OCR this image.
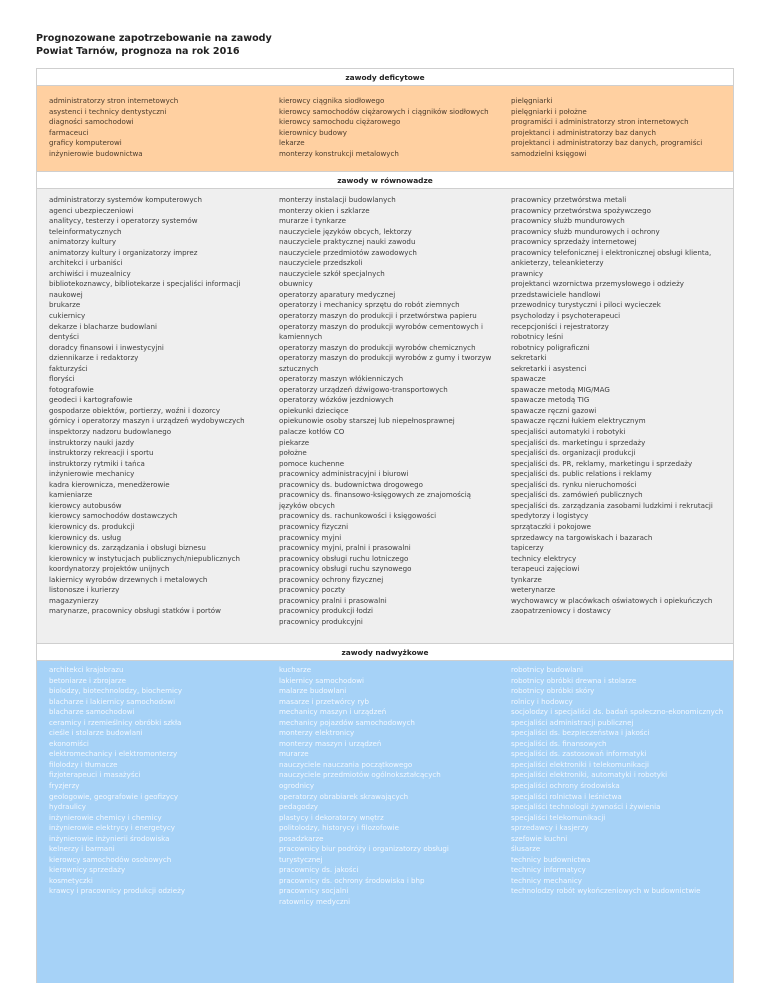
Prognozowane zapotrzebowanie na zawody
Powiat Tarnów, prognoza na rok 2016
zawody deficytowe
administratorzy stron internetowych
asystenci i technicy dentystyczni
diagności samochodowi
farmaceuci
graficy komputerowi
inżynierowie budownictwa
kierowcy ciągnika siodłowego
kierowcy samochodów ciężarowych i ciągników siodłowych
kierowcy samochodu ciężarowego
kierownicy budowy
lekarze
monterzy konstrukcji metalowych
pielęgniarki
pielęgniarki i położne
programiści i administratorzy stron internetowych
projektanci i administratorzy baz danych
projektanci i administratorzy baz danych, programiści
samodzielni księgowi
zawody w równowadze
administratorzy systemów komputerowych
agenci ubezpieczeniowi
analitycy, testerzy i operatorzy systemów teleinformatycznych
animatorzy kultury
animatorzy kultury i organizatorzy imprez
architekci i urbaniści
archiwiści i muzealnicy
bibliotekoznawcy, bibliotekarze i specjaliści informacji naukowej
brukarze
cukiernicy
dekarze i blacharze budowlani
dentyści
doradcy finansowi i inwestycyjni
dziennikarze i redaktorzy
fakturzyści
floryści
fotografowie
geodeci i kartografowie
gospodarze obiektów, portierzy, woźni i dozorcy
górnicy i operatorzy maszyn i urządzeń wydobywczych
inspektorzy nadzoru budowlanego
instruktorzy nauki jazdy
instruktorzy rekreacji i sportu
instruktorzy rytmiki i tańca
inżynierowie mechanicy
kadra kierownicza, menedżerowie
kamieniarze
kierowcy autobusów
kierowcy samochodów dostawczych
kierownicy ds. produkcji
kierownicy ds. usług
kierownicy ds. zarządzania i obsługi biznesu
kierownicy w instytucjach publicznych/niepublicznych
koordynatorzy projektów unijnych
lakiernicy wyrobów drzewnych i metalowych
listonosze i kurierzy
magazynierzy
marynarze, pracownicy obsługi statków i portów
monterzy instalacji budowlanych
monterzy okien i szklarze
murarze i tynkarze
nauczyciele języków obcych, lektorzy
nauczyciele praktycznej nauki zawodu
nauczyciele przedmiotów zawodowych
nauczyciele przedszkoli
nauczyciele szkół specjalnych
obuwnicy
operatorzy aparatury medycznej
operatorzy i mechanicy sprzętu do robót ziemnych
operatorzy maszyn do produkcji i przetwórstwa papieru
operatorzy maszyn do produkcji wyrobów cementowych i kamiennych
operatorzy maszyn do produkcji wyrobów chemicznych
operatorzy maszyn do produkcji wyrobów z gumy i tworzyw sztucznych
operatorzy maszyn włókienniczych
operatorzy urządzeń dźwigowo-transportowych
operatorzy wózków jezdniowych
opiekunki dziecięce
opiekunowie osoby starszej lub niepełnosprawnej
palacze kotłów CO
piekarze
położne
pomoce kuchenne
pracownicy administracyjni i biurowi
pracownicy ds. budownictwa drogowego
pracownicy ds. finansowo-księgowych ze znajomością języków obcych
pracownicy ds. rachunkowości i księgowości
pracownicy fizyczni
pracownicy myjni
pracownicy myjni, pralni i prasowalni
pracownicy obsługi ruchu lotniczego
pracownicy obsługi ruchu szynowego
pracownicy ochrony fizycznej
pracownicy poczty
pracownicy pralni i prasowalni
pracownicy produkcji łodzi
pracownicy produkcyjni
pracownicy przetwórstwa metali
pracownicy przetwórstwa spożywczego
pracownicy służb mundurowych
pracownicy służb mundurowych i ochrony
pracownicy sprzedaży internetowej
pracownicy telefonicznej i elektronicznej obsługi klienta, ankieterzy, teleankieterzy
prawnicy
projektanci wzornictwa przemysłowego i odzieży
przedstawiciele handlowi
przewodnicy turystyczni i piloci wycieczek
psycholodzy i psychoterapeuci
recepcjoniści i rejestratorzy
robotnicy leśni
robotnicy poligraficzni
sekretarki
sekretarki i asystenci
spawacze
spawacze metodą MIG/MAG
spawacze metodą TIG
spawacze ręczni gazowi
spawacze ręczni łukiem elektrycznym
specjaliści automatyki i robotyki
specjaliści ds. marketingu i sprzedaży
specjaliści ds. organizacji produkcji
specjaliści ds. PR, reklamy, marketingu i sprzedaży
specjaliści ds. public relations i reklamy
specjaliści ds. rynku nieruchomości
specjaliści ds. zamówień publicznych
specjaliści ds. zarządzania zasobami ludzkimi i rekrutacji
spedytorzy i logistycy
sprzątaczki i pokojowe
sprzedawcy na targowiskach i bazarach
tapicerzy
technicy elektrycy
terapeuci zajęciowi
tynkarze
weterynarze
wychowawcy w placówkach oświatowych i opiekuńczych
zaopatrzeniowcy i dostawcy
zawody nadwyżkowe
architekci krajobrazu
betoniarze i zbrojarze
biolodzy, biotechnolodzy, biochemicy
blacharze i lakiernicy samochodowi
blacharze samochodowi
ceramicy i rzemieślnicy obróbki szkła
cieśle i stolarze budowlani
ekonomiści
elektromechanicy i elektromonterzy
filolodzy i tłumacze
fizjoterapeuci i masażyści
fryzjerzy
geologowie, geografowie i geofizycy
hydraulicy
inżynierowie chemicy i chemicy
inżynierowie elektrycy i energetycy
inżynierowie inżynierii środowiska
kelnerzy i barmani
kierowcy samochodów osobowych
kierownicy sprzedaży
kosmetyczki
krawcy i pracownicy produkcji odzieży
kucharze
lakiernicy samochodowi
malarze budowlani
masarze i przetwórcy ryb
mechanicy maszyn i urządzeń
mechanicy pojazdów samochodowych
monterzy elektronicy
monterzy maszyn i urządzeń
murarze
nauczyciele nauczania początkowego
nauczyciele przedmiotów ogólnokształcących
ogrodnicy
operatorzy obrabiarek skrawających
pedagodzy
plastycy i dekoratorzy wnętrz
politolodzy, historycy i filozofowie
posadzkarze
pracownicy biur podróży i organizatorzy obsługi turystycznej
pracownicy ds. jakości
pracownicy ds. ochrony środowiska i bhp
pracownicy socjalni
ratownicy medyczni
robotnicy budowlani
robotnicy obróbki drewna i stolarze
robotnicy obróbki skóry
rolnicy i hodowcy
socjolodzy i specjaliści ds. badań społeczno-ekonomicznych
specjaliści administracji publicznej
specjaliści ds. bezpieczeństwa i jakości
specjaliści ds. finansowych
specjaliści ds. zastosowań informatyki
specjaliści elektroniki i telekomunikacji
specjaliści elektroniki, automatyki i robotyki
specjaliści ochrony środowiska
specjaliści rolnictwa i leśnictwa
specjaliści technologii żywności i żywienia
specjaliści telekomunikacji
sprzedawcy i kasjerzy
szefowie kuchni
ślusarze
technicy budownictwa
technicy informatycy
technicy mechanicy
technolodzy robót wykończeniowych w budownictwie
